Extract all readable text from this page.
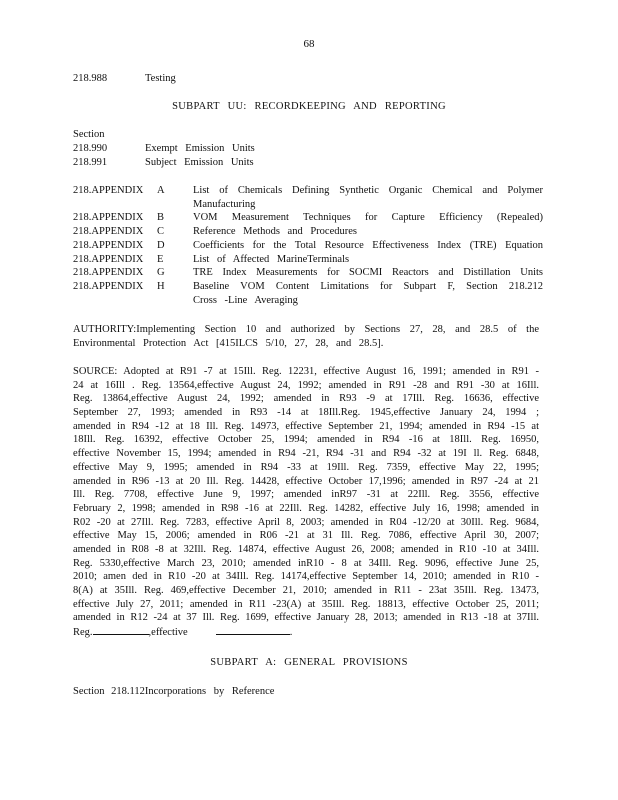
68
218.988	Testing
SUBPART UU: RECORDKEEPING AND REPORTING
Section
218.990	Exempt Emission Units
218.991	Subject Emission Units
218.APPENDIX	A	List of Chemicals Defining Synthetic Organic Chemical and Polymer
Manufacturing
218.APPENDIX	B	VOM Measurement Techniques for Capture Efficiency (Repealed)
218.APPENDIX	C	Reference Methods and Procedures
218.APPENDIX	D	Coefficients for the Total Resource Effectiveness Index (TRE) Equation
218.APPENDIX	E	List of Affected MarineTerminals
218.APPENDIX	G	TRE Index Measurements for SOCMI Reactors and Distillation Units
218.APPENDIX	H	Baseline VOM Content Limitations for Subpart F, Section 218.212
Cross -Line Averaging
AUTHORITY:Implementing Section 10 and authorized by Sections 27, 28, and 28.5 of the
Environmental Protection Act [415ILCS 5/10, 27, 28, and 28.5].
SOURCE: Adopted at R91 -7 at 15Ill. Reg. 12231, effective August 16, 1991; amended in R91 -
24 at 16Ill . Reg. 13564,effective August 24, 1992; amended in R91 -28 and R91 -30 at 16Ill.
Reg. 13864,effective August 24, 1992; amended in R93 -9 at 17Ill. Reg. 16636, effective
September 27, 1993; amended in R93 -14 at 18Ill.Reg. 1945,effective January 24, 1994 ;
amended in R94 -12 at 18 Ill. Reg. 14973, effective September 21, 1994; amended in R94 -15 at
18Ill. Reg. 16392, effective October 25, 1994; amended in R94 -16 at 18Ill. Reg. 16950,
effective November 15, 1994; amended in R94 -21, R94 -31 and R94 -32 at 19I ll. Reg. 6848,
effective May 9, 1995; amended in R94 -33 at 19Ill. Reg. 7359, effective May 22, 1995;
amended in R96 -13 at 20 Ill. Reg. 14428, effective October 17,1996; amended in R97 -24 at 21
Ill. Reg. 7708, effective June 9, 1997; amended inR97 -31 at 22Ill. Reg. 3556, effective
February 2, 1998; amended in R98 -16 at 22Ill. Reg. 14282, effective July 16, 1998; amended in
R02 -20 at 27Ill. Reg. 7283, effective April 8, 2003; amended in R04 -12/20 at 30Ill. Reg. 9684,
effective May 15, 2006; amended in R06 -21 at 31 Ill. Reg. 7086, effective April 30, 2007;
amended in R08 -8 at 32Ill. Reg. 14874, effective August 26, 2008; amended in R10 -10 at 34Ill.
Reg. 5330,effective March 23, 2010; amended inR10 - 8 at 34Ill. Reg. 9096, effective June 25,
2010; amen ded in R10 -20 at 34Ill. Reg. 14174,effective September 14, 2010; amended in R10 -
8(A) at 35Ill. Reg. 469,effective December 21, 2010; amended in R11 - 23at 35Ill. Reg. 13473,
effective July 27, 2011; amended in R11 -23(A) at 35Ill. Reg. 18813, effective October 25, 2011;
amended in R12 -24 at 37 Ill. Reg. 1699, effective January 28, 2013; amended in R13 -18 at 37Ill.
Reg.	,effective	.
SUBPART A: GENERAL PROVISIONS
Section 218.112Incorporations by Reference
